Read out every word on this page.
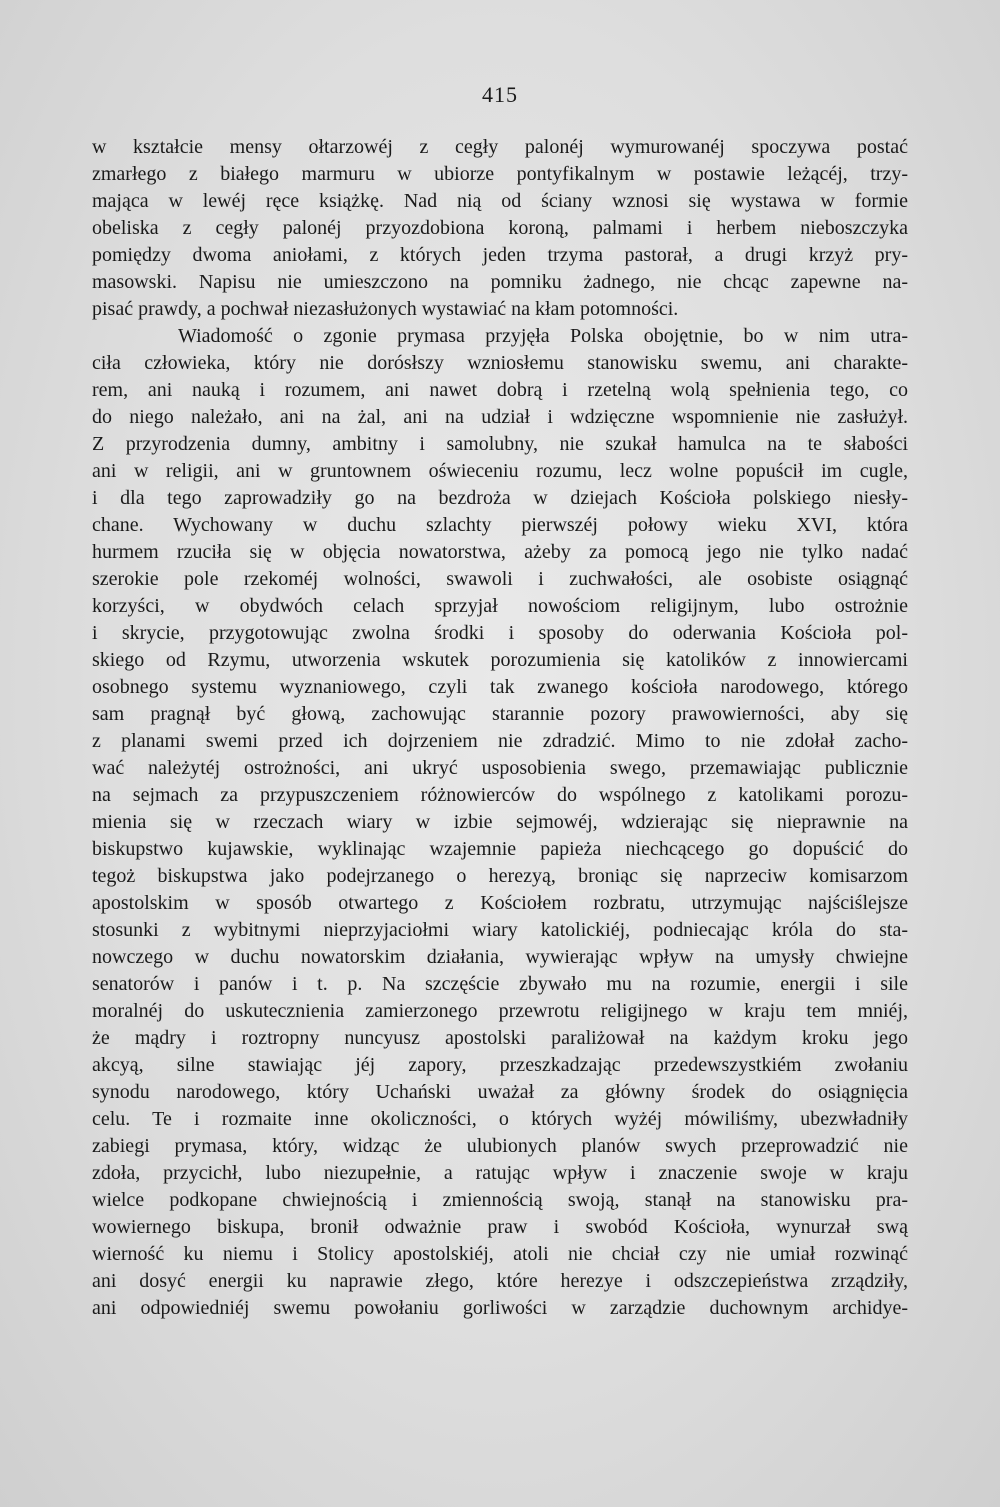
415
w kształcie mensy ołtarzowéj z cegły palonéj wymurowanéj spoczywa postać
zmarłego z białego marmuru w ubiorze pontyfikalnym w postawie leżącéj, trzy-
mająca w lewéj ręce książkę. Nad nią od ściany wznosi się wystawa w formie
obeliska z cegły palonéj przyozdobiona koroną, palmami i herbem nieboszczyka
pomiędzy dwoma aniołami, z których jeden trzyma pastorał, a drugi krzyż pry-
masowski. Napisu nie umieszczono na pomniku żadnego, nie chcąc zapewne na-
pisać prawdy, a pochwał niezasłużonych wystawiać na kłam potomności.
Wiadomość o zgonie prymasa przyjęła Polska obojętnie, bo w nim utra-
ciła człowieka, który nie dorósłszy wzniosłemu stanowisku swemu, ani charakte-
rem, ani nauką i rozumem, ani nawet dobrą i rzetelną wolą spełnienia tego, co
do niego należało, ani na żal, ani na udział i wdzięczne wspomnienie nie zasłużył.
Z przyrodzenia dumny, ambitny i samolubny, nie szukał hamulca na te słabości
ani w religii, ani w gruntownem oświeceniu rozumu, lecz wolne popuścił im cugle,
i dla tego zaprowadziły go na bezdroża w dziejach Kościoła polskiego niesły-
chane. Wychowany w duchu szlachty pierwszéj połowy wieku XVI, która
hurmem rzuciła się w objęcia nowatorstwa, ażeby za pomocą jego nie tylko nadać
szerokie pole rzekoméj wolności, swawoli i zuchwałości, ale osobiste osiągnąć
korzyści, w obydwóch celach sprzyjał nowościom religijnym, lubo ostrożnie
i skrycie, przygotowując zwolna środki i sposoby do oderwania Kościoła pol-
skiego od Rzymu, utworzenia wskutek porozumienia się katolików z innowiercami
osobnego systemu wyznaniowego, czyli tak zwanego kościoła narodowego, którego
sam pragnął być głową, zachowując starannie pozory prawowierności, aby się
z planami swemi przed ich dojrzeniem nie zdradzić. Mimo to nie zdołał zacho-
wać należytéj ostrożności, ani ukryć usposobienia swego, przemawiając publicznie
na sejmach za przypuszczeniem różnowierców do wspólnego z katolikami porozu-
mienia się w rzeczach wiary w izbie sejmowéj, wdzierając się nieprawnie na
biskupstwo kujawskie, wyklinając wzajemnie papieża niechcącego go dopuścić do
tegoż biskupstwa jako podejrzanego o herezyą, broniąc się naprzeciw komisarzom
apostolskim w sposób otwartego z Kościołem rozbratu, utrzymując najściślejsze
stosunki z wybitnymi nieprzyjaciołmi wiary katolickiéj, podniecając króla do sta-
nowczego w duchu nowatorskim działania, wywierając wpływ na umysły chwiejne
senatorów i panów i t. p. Na szczęście zbywało mu na rozumie, energii i sile
moralnéj do uskutecznienia zamierzonego przewrotu religijnego w kraju tem mniéj,
że mądry i roztropny nuncyusz apostolski paraliżował na każdym kroku jego
akcyą, silne stawiając jéj zapory, przeszkadzając przedewszystkiém zwołaniu
synodu narodowego, który Uchański uważał za główny środek do osiągnięcia
celu. Te i rozmaite inne okoliczności, o których wyżéj mówiliśmy, ubezwładniły
zabiegi prymasa, który, widząc że ulubionych planów swych przeprowadzić nie
zdoła, przycichł, lubo niezupełnie, a ratując wpływ i znaczenie swoje w kraju
wielce podkopane chwiejnością i zmiennością swoją, stanął na stanowisku pra-
wowiernego biskupa, bronił odważnie praw i swobód Kościoła, wynurzał swą
wierność ku niemu i Stolicy apostolskiéj, atoli nie chciał czy nie umiał rozwinąć
ani dosyć energii ku naprawie złego, które herezye i odszczepieństwa zrządziły,
ani odpowiedniéj swemu powołaniu gorliwości w zarządzie duchownym archidye-
